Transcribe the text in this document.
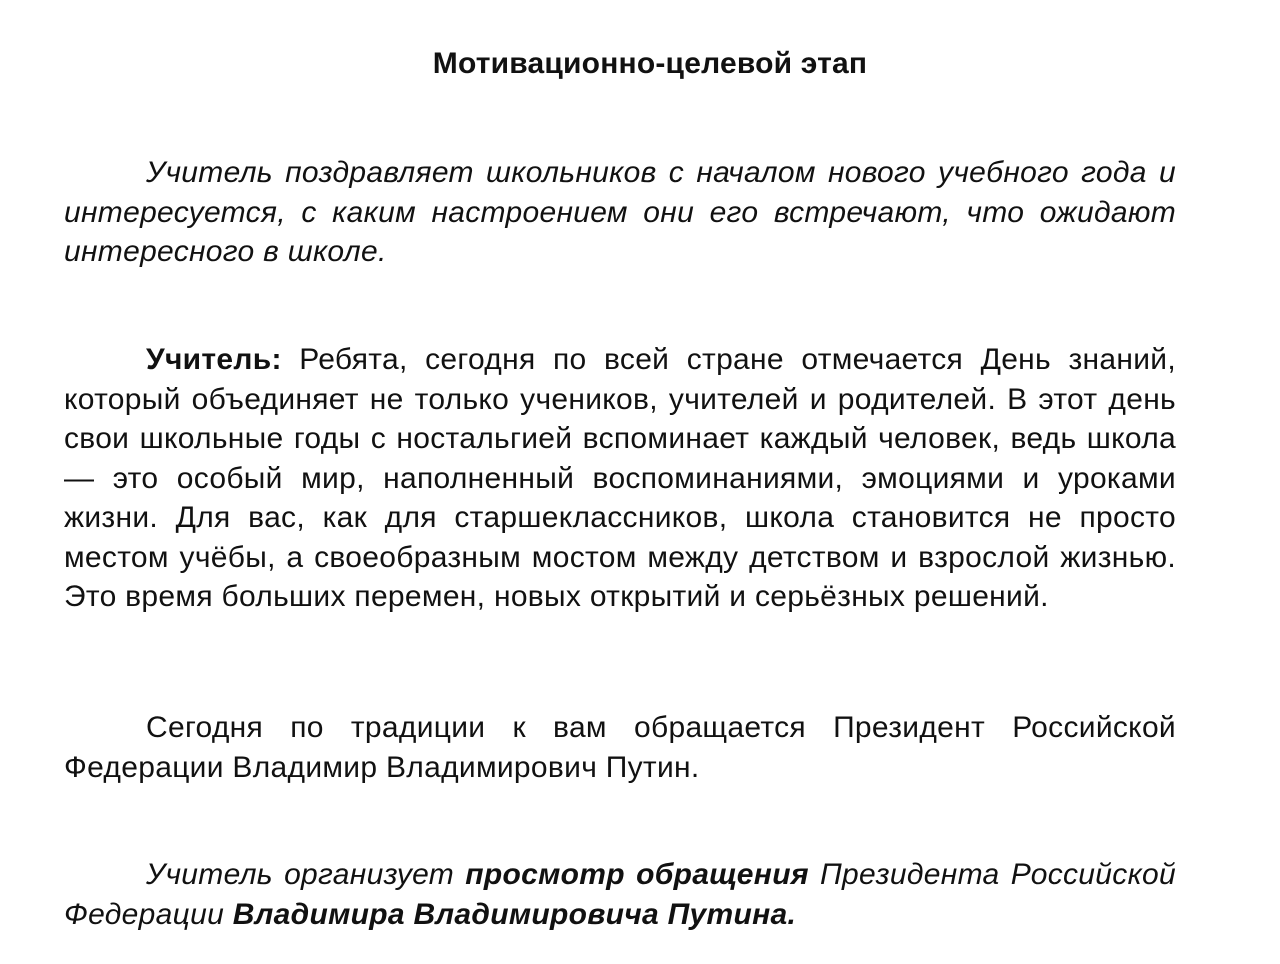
Мотивационно-целевой этап

Учитель поздравляет школьников с началом нового учебного года и интересуется, с каким настроением они его встречают, что ожидают интересного в школе.

Учитель: Ребята, сегодня по всей стране отмечается День знаний, который объединяет не только учеников, учителей и родителей. В этот день свои школьные годы с ностальгией вспоминает каждый человек, ведь школа — это особый мир, наполненный воспоминаниями, эмоциями и уроками жизни. Для вас, как для старшеклассников, школа становится не просто местом учёбы, а своеобразным мостом между детством и взрослой жизнью. Это время больших перемен, новых открытий и серьёзных решений.

Сегодня по традиции к вам обращается Президент Российской Федерации Владимир Владимирович Путин.

Учитель организует просмотр обращения Президента Российской Федерации Владимира Владимировича Путина.
